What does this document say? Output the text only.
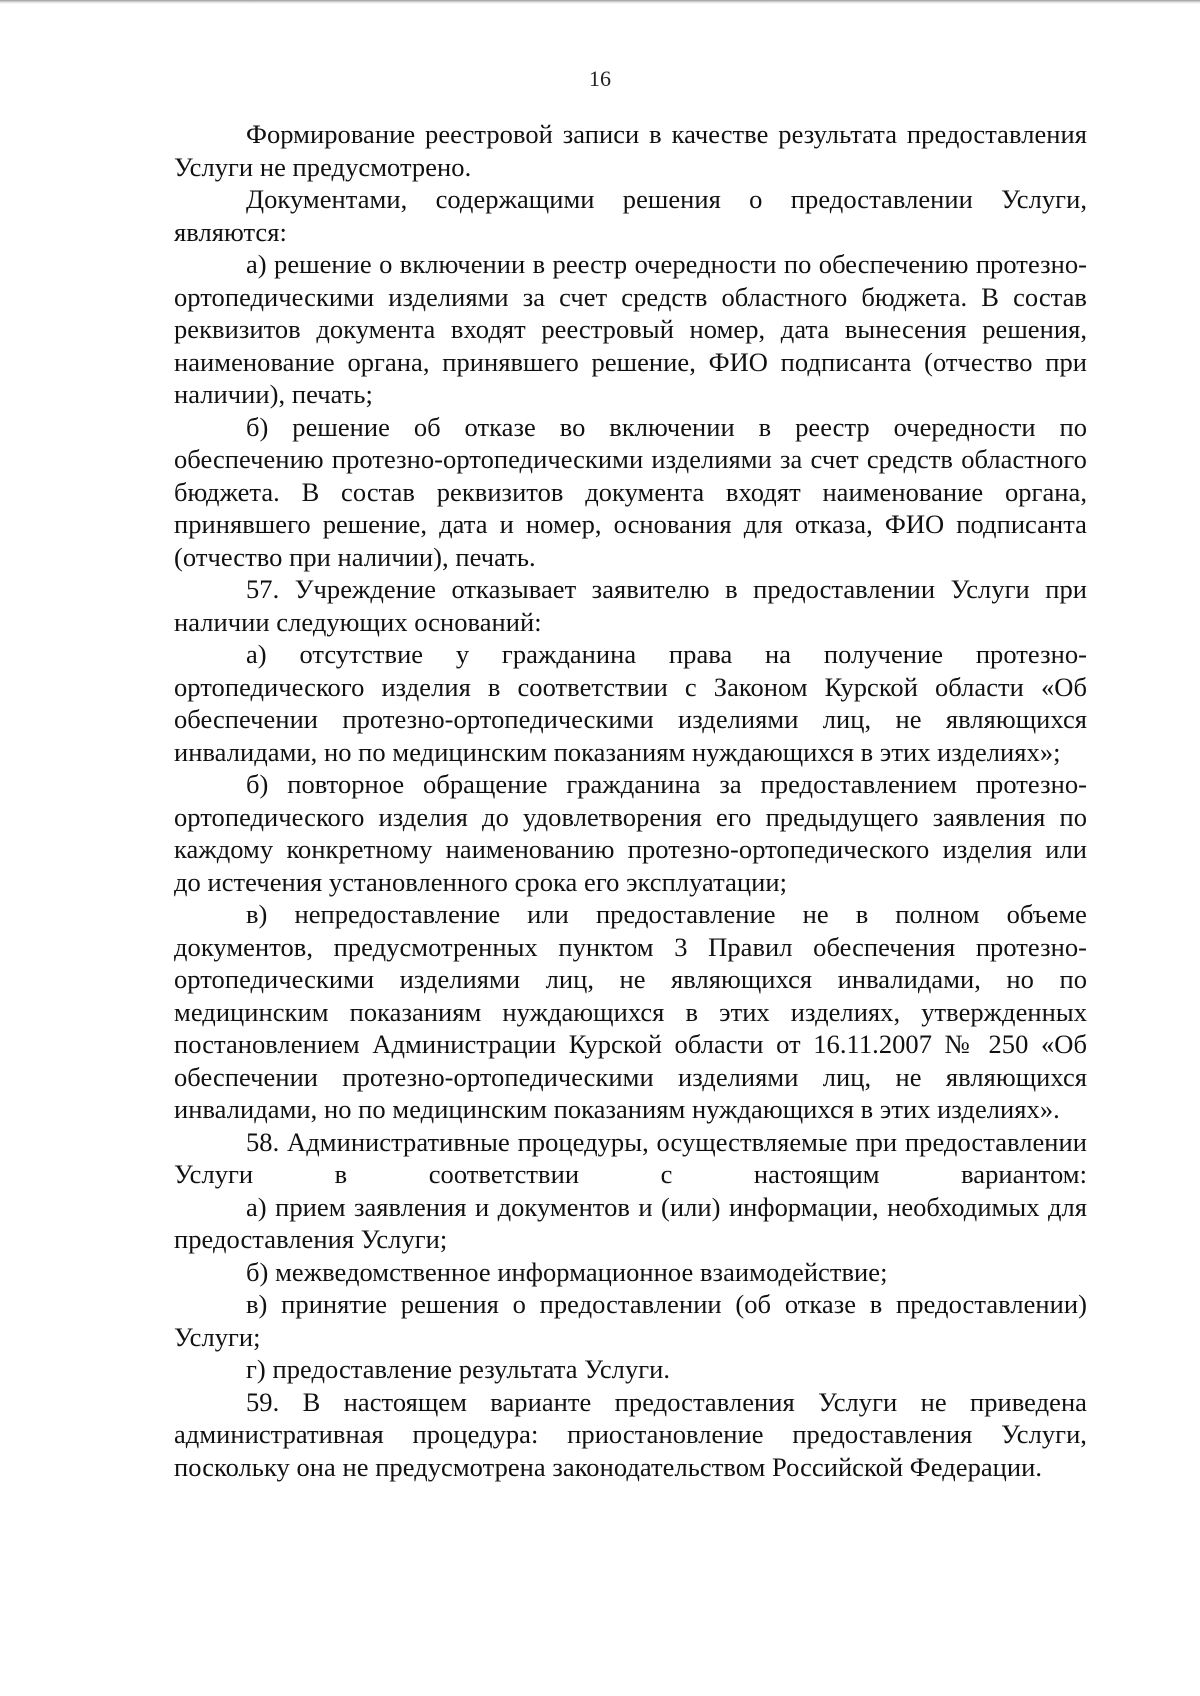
16

Формирование реестровой записи в качестве результата предоставления Услуги не предусмотрено.

Документами, содержащими решения о предоставлении Услуги, являются:

а) решение о включении в реестр очередности по обеспечению протезно-ортопедическими изделиями за счет средств областного бюджета. В состав реквизитов документа входят реестровый номер, дата вынесения решения, наименование органа, принявшего решение, ФИО подписанта (отчество при наличии), печать;

б) решение об отказе во включении в реестр очередности по обеспечению протезно-ортопедическими изделиями за счет средств областного бюджета. В состав реквизитов документа входят наименование органа, принявшего решение, дата и номер, основания для отказа, ФИО подписанта (отчество при наличии), печать.

57. Учреждение отказывает заявителю в предоставлении Услуги при наличии следующих оснований:

а) отсутствие у гражданина права на получение протезно-ортопедического изделия в соответствии с Законом Курской области «Об обеспечении протезно-ортопедическими изделиями лиц, не являющихся инвалидами, но по медицинским показаниям нуждающихся в этих изделиях»;

б) повторное обращение гражданина за предоставлением протезно-ортопедического изделия до удовлетворения его предыдущего заявления по каждому конкретному наименованию протезно-ортопедического изделия или до истечения установленного срока его эксплуатации;

в) непредоставление или предоставление не в полном объеме документов, предусмотренных пунктом 3 Правил обеспечения протезно-ортопедическими изделиями лиц, не являющихся инвалидами, но по медицинским показаниям нуждающихся в этих изделиях, утвержденных постановлением Администрации Курской области от 16.11.2007 № 250 «Об обеспечении протезно-ортопедическими изделиями лиц, не являющихся инвалидами, но по медицинским показаниям нуждающихся в этих изделиях».

58. Административные процедуры, осуществляемые при предоставлении Услуги в соответствии с настоящим вариантом:

а) прием заявления и документов и (или) информации, необходимых для предоставления Услуги;

б) межведомственное информационное взаимодействие;

в) принятие решения о предоставлении (об отказе в предоставлении) Услуги;

г) предоставление результата Услуги.

59. В настоящем варианте предоставления Услуги не приведена административная процедура: приостановление предоставления Услуги, поскольку она не предусмотрена законодательством Российской Федерации.
